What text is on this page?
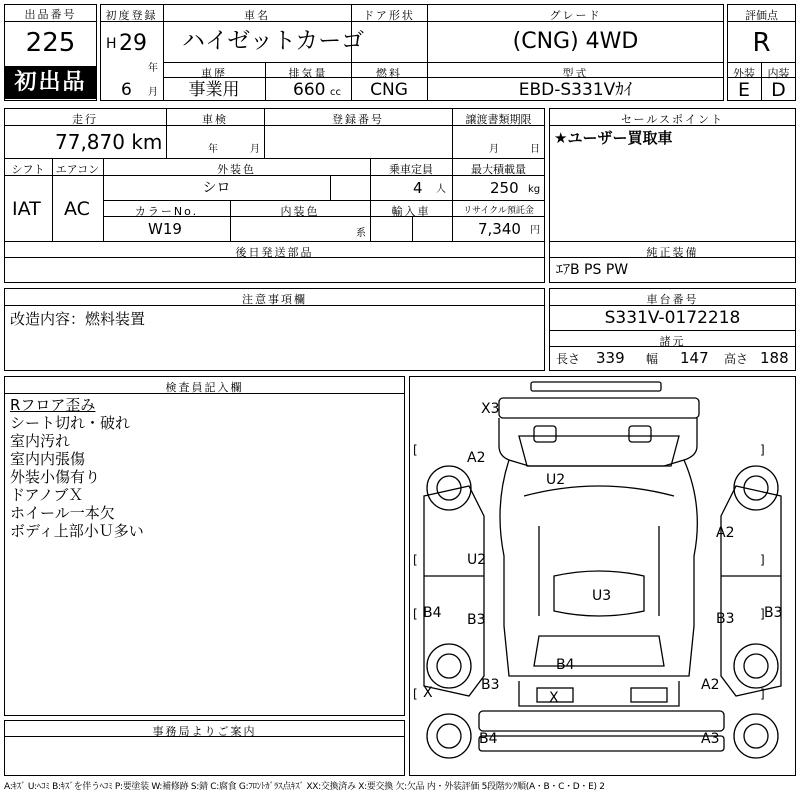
出品番号
225
初出品
初度登録
H 29
年
6 月
車名
ハイゼットカーゴ
ドア形状	グレード
(CNG) 4WD
車歴
事業用
排気量
660 cc
燃料
CNG
型式
EBD-S331Vｶｲ
評価点
R
外装	内装
E	D
走行
77,870 km
車検
年	月
登録番号	譲渡書類期限
月	日
シフト
IAT
エアコン
AC
外装色
シロ
乗車定員
4 人
最大積載量
250 kg
カラーNo.
W19
内装色
系
輸入車	リサイクル預託金
7,340 円
後日発送部品
セールスポイント
★ユーザー買取車
純正装備
ｴｱB PS PW
注意事項欄
改造内容：燃料装置
車台番号
S331V-0172218
諸元
長さ 339 幅 147 高さ 188
検査員記入欄
Rフロア歪み
シート切れ・破れ
室内汚れ
室内内張傷
外装小傷有り
ドアノブＸ
ホイール一本欠
ボディ上部小Ｕ多い
事務局よりご案内
X3
A2
U2
A2
U2
U3
B4 B3	B3 B3
B4
X	B3
X
A2
B4	A3
[	]
[	]
[	]
[	]
A:ｷｽﾞ U:ﾍｺﾐ B:ｷｽﾞを伴うﾍｺﾐ P:要塗装 W:補修跡 S:錆 C:腐食 G:ﾌﾛﾝﾄｶﾞﾗｽ点ｷｽﾞ XX:交換済み X:要交換 欠:欠品 内・外装評価 5段階ﾗﾝｸ順(A・B・C・D・E) 2
